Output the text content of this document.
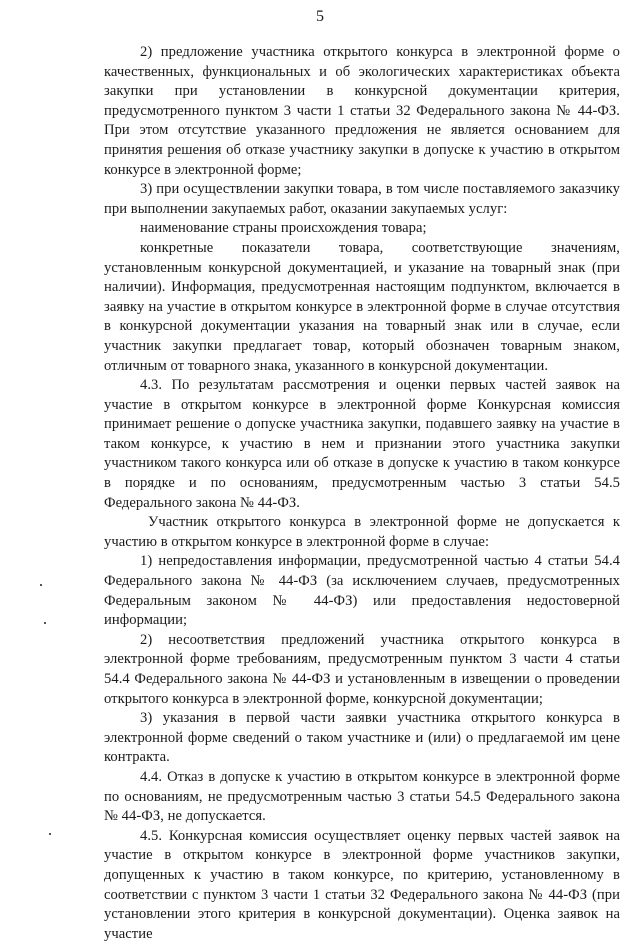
5

2) предложение участника открытого конкурса в электронной форме о качественных, функциональных и об экологических характеристиках объекта закупки при установлении в конкурсной документации критерия, предусмотренного пунктом 3 части 1 статьи 32 Федерального закона № 44-ФЗ. При этом отсутствие указанного предложения не является основанием для принятия решения об отказе участнику закупки в допуске к участию в открытом конкурсе в электронной форме;

3) при осуществлении закупки товара, в том числе поставляемого заказчику при выполнении закупаемых работ, оказании закупаемых услуг:

наименование страны происхождения товара;

конкретные показатели товара, соответствующие значениям, установленным конкурсной документацией, и указание на товарный знак (при наличии). Информация, предусмотренная настоящим подпунктом, включается в заявку на участие в открытом конкурсе в электронной форме в случае отсутствия в конкурсной документации указания на товарный знак или в случае, если участник закупки предлагает товар, который обозначен товарным знаком, отличным от товарного знака, указанного в конкурсной документации.

4.3. По результатам рассмотрения и оценки первых частей заявок на участие в открытом конкурсе в электронной форме Конкурсная комиссия принимает решение о допуске участника закупки, подавшего заявку на участие в таком конкурсе, к участию в нем и признании этого участника закупки участником такого конкурса или об отказе в допуске к участию в таком конкурсе в порядке и по основаниям, предусмотренным частью 3 статьи 54.5 Федерального закона № 44-ФЗ.

Участник открытого конкурса в электронной форме не допускается к участию в открытом конкурсе в электронной форме в случае:

1) непредоставления информации, предусмотренной частью 4 статьи 54.4 Федерального закона № 44-ФЗ (за исключением случаев, предусмотренных Федеральным законом № 44-ФЗ) или предоставления недостоверной информации;

2) несоответствия предложений участника открытого конкурса в электронной форме требованиям, предусмотренным пунктом 3 части 4 статьи 54.4 Федерального закона № 44-ФЗ и установленным в извещении о проведении открытого конкурса в электронной форме, конкурсной документации;

3) указания в первой части заявки участника открытого конкурса в электронной форме сведений о таком участнике и (или) о предлагаемой им цене контракта.

4.4. Отказ в допуске к участию в открытом конкурсе в электронной форме по основаниям, не предусмотренным частью 3 статьи 54.5 Федерального закона № 44-ФЗ, не допускается.

4.5. Конкурсная комиссия осуществляет оценку первых частей заявок на участие в открытом конкурсе в электронной форме участников закупки, допущенных к участию в таком конкурсе, по критерию, установленному в соответствии с пунктом 3 части 1 статьи 32 Федерального закона № 44-ФЗ (при установлении этого критерия в конкурсной документации). Оценка заявок на участие
